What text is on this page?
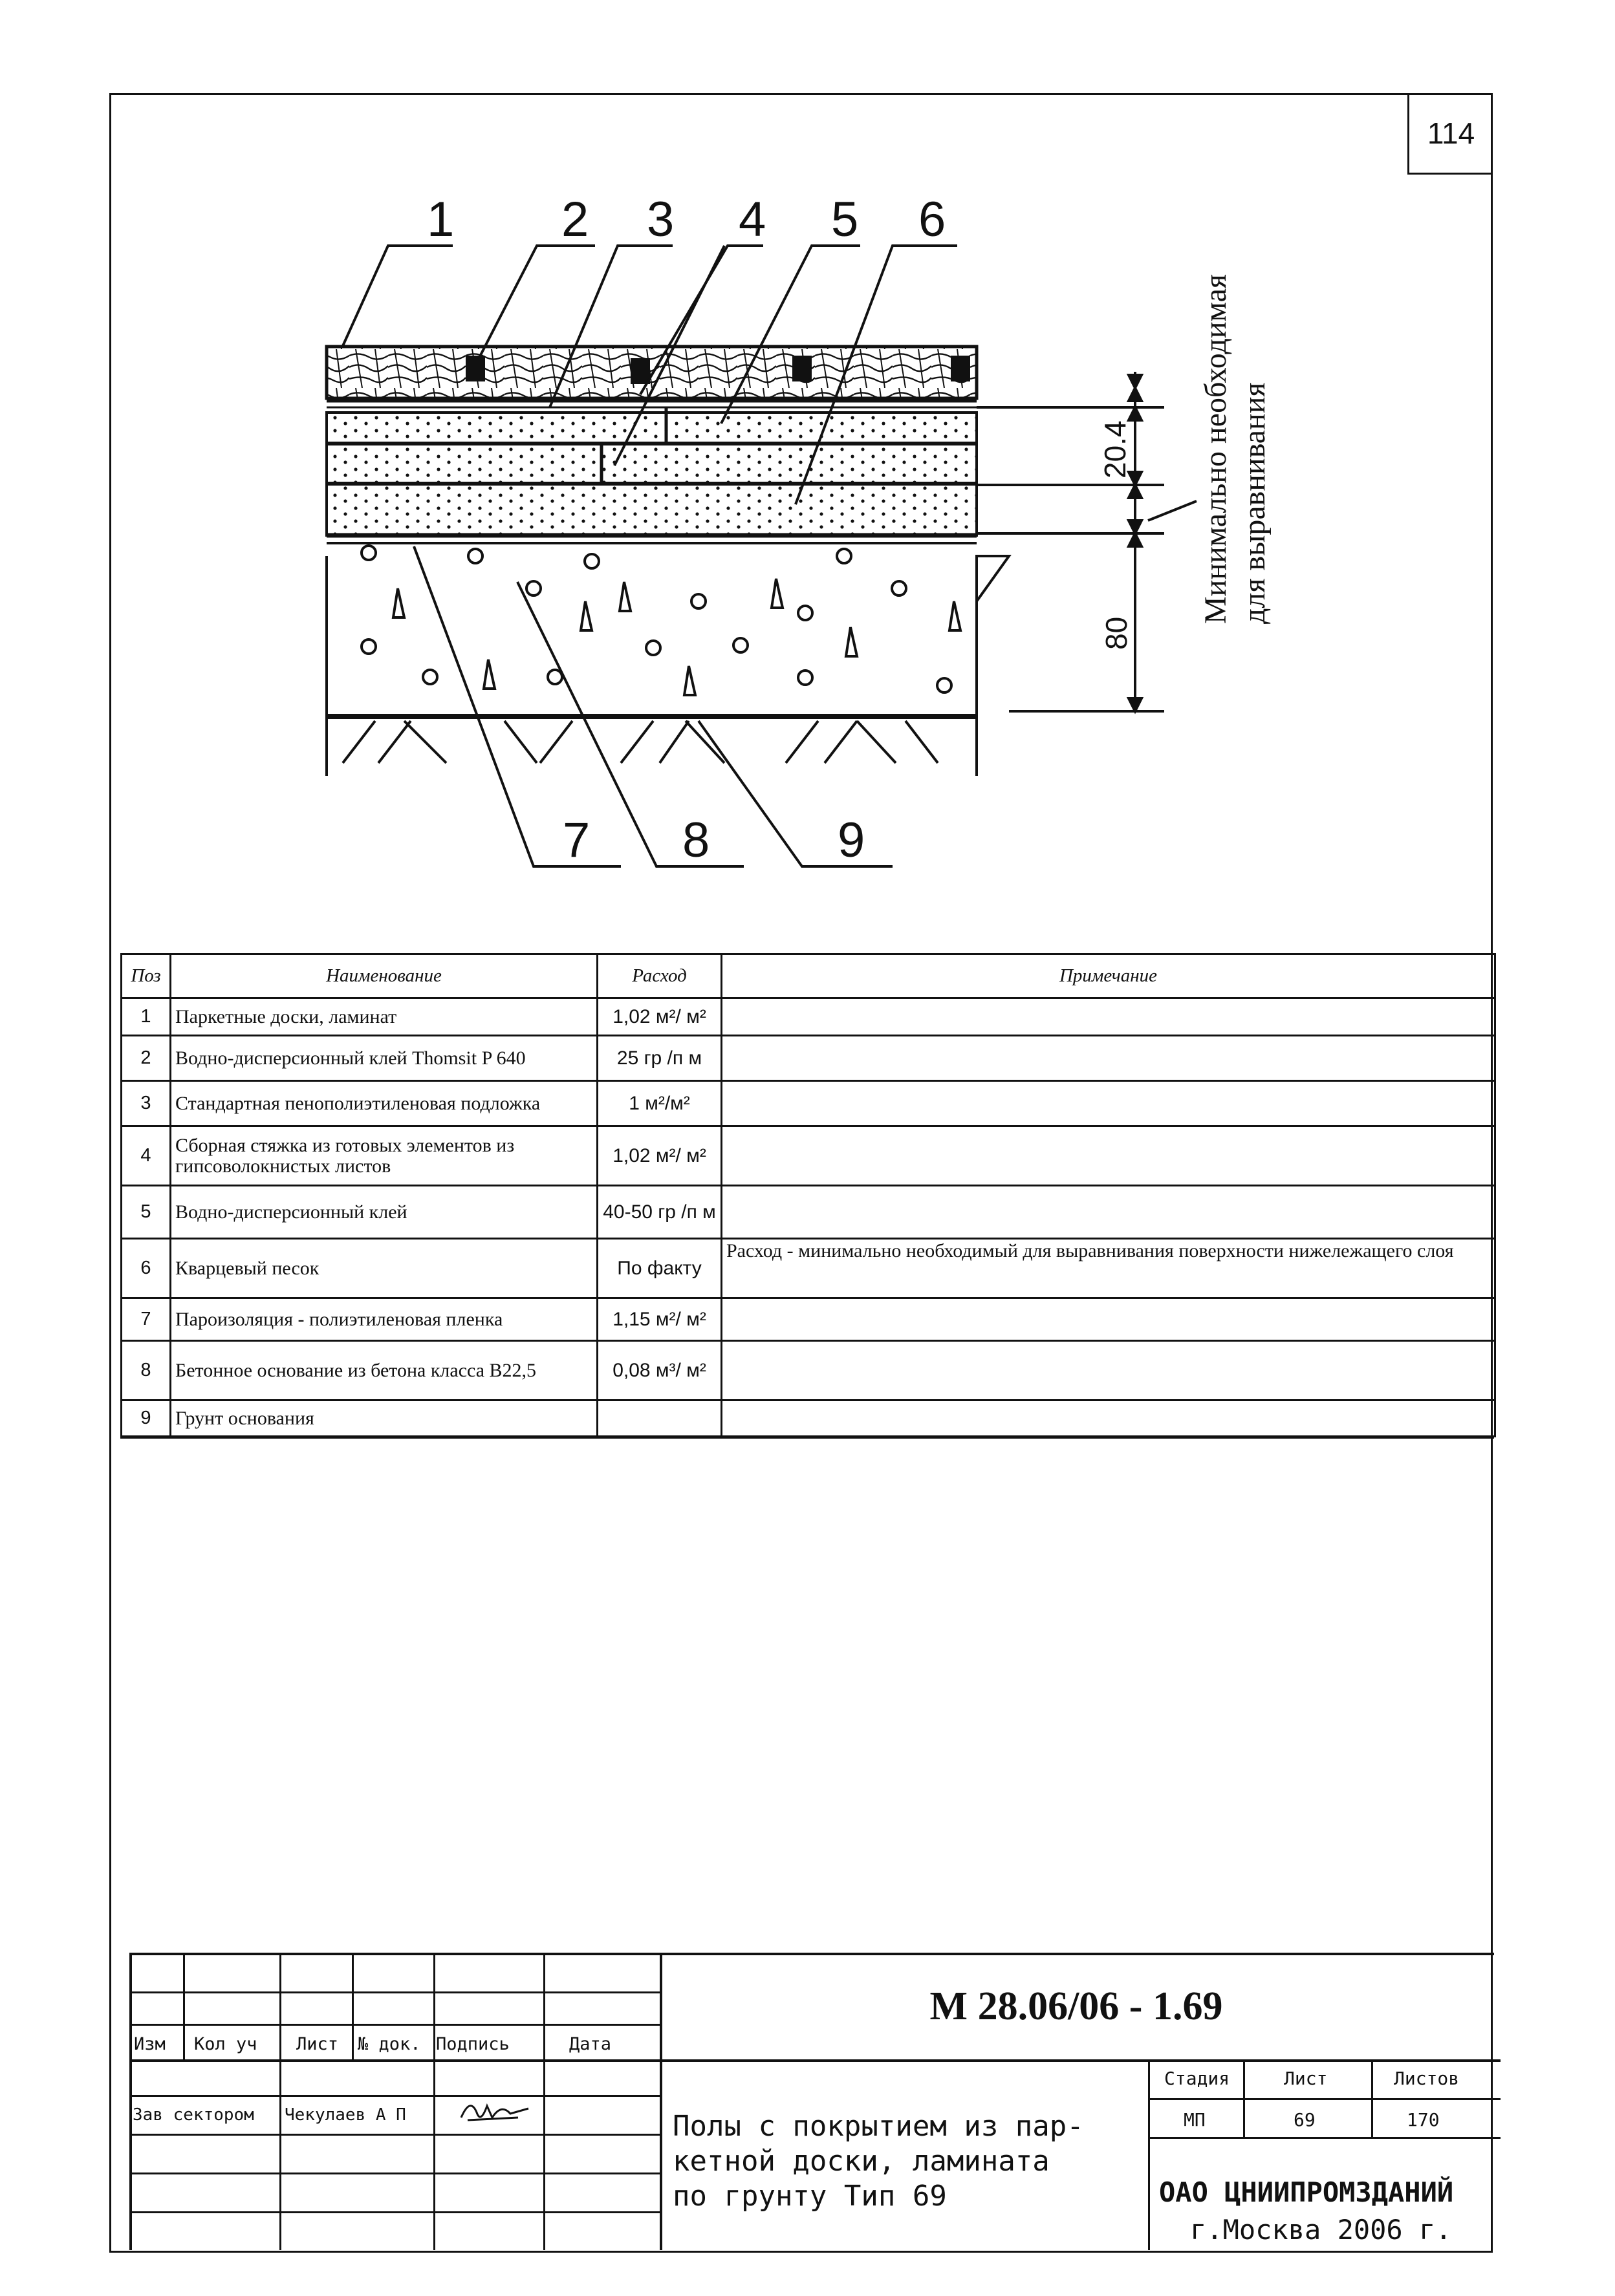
114
1 2 3 4 5 6
7 8	9
20.4
80
Минимально необходимая для выравнивания
Поз	Наименование	Расход	Примечание
1	Паркетные доски, ламинат	1,02 м²/ м²	
2	Водно-дисперсионный клей Thomsit P 640	25 гр /п м	
3	Стандартная пенополиэтиленовая подложка	1 м²/м²	
4	Сборная стяжка из готовых элементов из гипсоволокнистых листов	1,02 м²/ м²	
5	Водно-дисперсионный клей	40-50 гр /п м	
6	Кварцевый песок	По факту	Расход - минимально необходимый для выравнивания поверхности нижележащего слоя
7	Пароизоляция - полиэтиленовая пленка	1,15 м²/ м²	
8	Бетонное основание из бетона класса В22,5	0,08 м³/ м²	
9	Грунт основания		
М 28.06/06 - 1.69
Изм Кол уч Лист № док. Подпись	Дата
Зав сектором Чекулаев А П	Полы с покрытием из пар-
кетной доски, ламината
по грунту Тип 69
Стадия	Лист	Листов
МП	69	170
ОАО ЦНИИПРОМЗДАНИЙ
г.Москва 2006 г.
